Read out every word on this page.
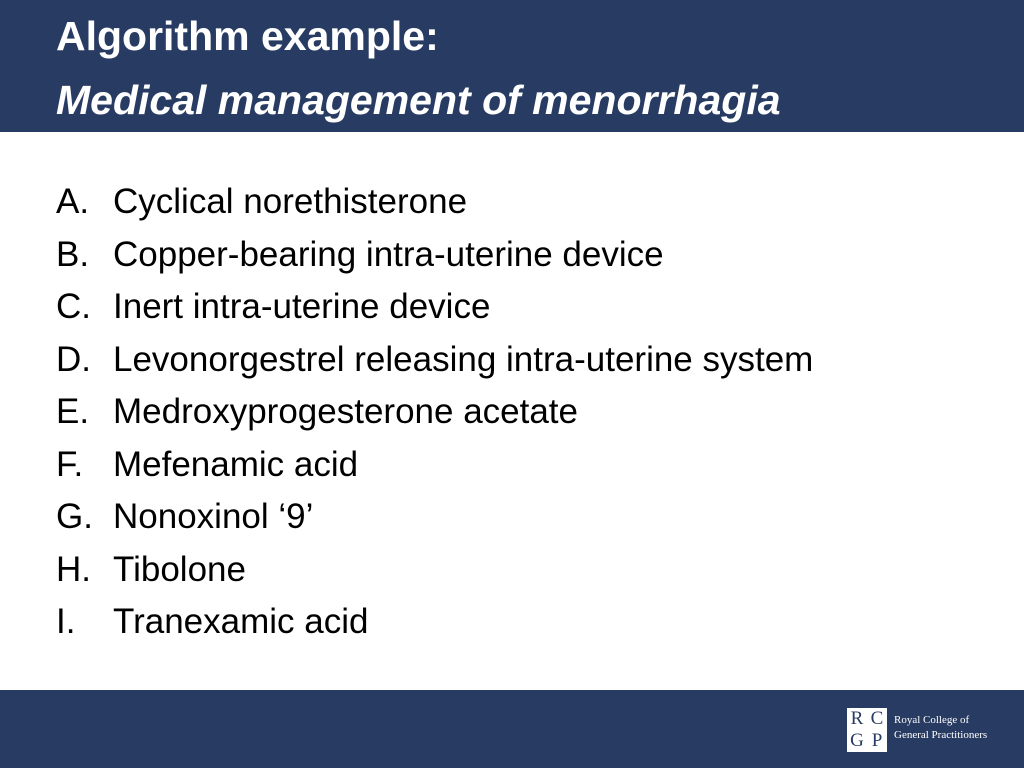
Algorithm example:
Medical management of menorrhagia
A. Cyclical norethisterone
B. Copper-bearing intra-uterine device
C. Inert intra-uterine device
D. Levonorgestrel releasing intra-uterine system
E. Medroxyprogesterone acetate
F. Mefenamic acid
G. Nonoxinol ‘9’
H. Tibolone
I.	Tranexamic acid
R C
G P
Royal College of
General Practitioners
